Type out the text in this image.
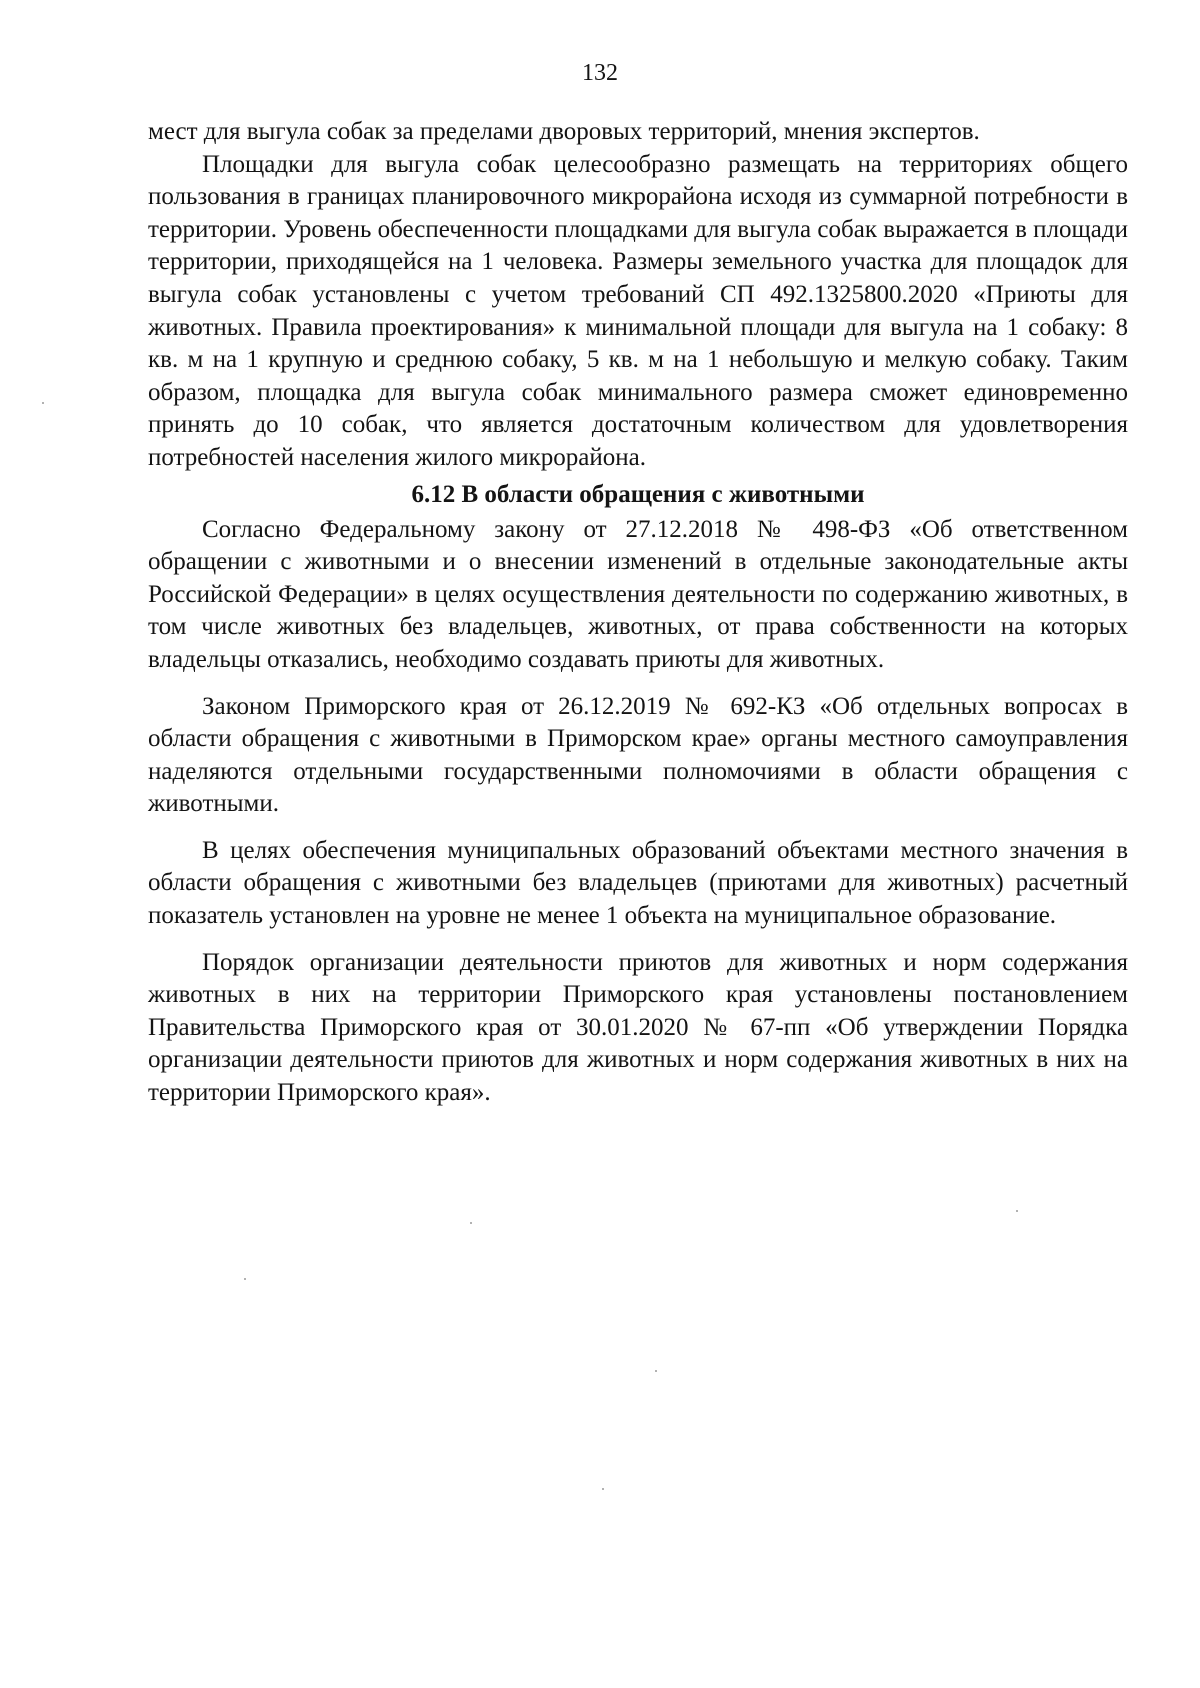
132

мест для выгула собак за пределами дворовых территорий, мнения экспертов.

Площадки для выгула собак целесообразно размещать на территориях общего пользования в границах планировочного микрорайона исходя из суммарной потребности в территории. Уровень обеспеченности площадками для выгула собак выражается в площади территории, приходящейся на 1 человека. Размеры земельного участка для площадок для выгула собак установлены с учетом требований СП 492.1325800.2020 «Приюты для животных. Правила проектирования» к минимальной площади для выгула на 1 собаку: 8 кв. м на 1 крупную и среднюю собаку, 5 кв. м на 1 небольшую и мелкую собаку. Таким образом, площадка для выгула собак минимального размера сможет единовременно принять до 10 собак, что является достаточным количеством для удовлетворения потребностей населения жилого микрорайона.

6.12 В области обращения с животными

Согласно Федеральному закону от 27.12.2018 № 498-ФЗ «Об ответственном обращении с животными и о внесении изменений в отдельные законодательные акты Российской Федерации» в целях осуществления деятельности по содержанию животных, в том числе животных без владельцев, животных, от права собственности на которых владельцы отказались, необходимо создавать приюты для животных.

Законом Приморского края от 26.12.2019 № 692-КЗ «Об отдельных вопросах в области обращения с животными в Приморском крае» органы местного самоуправления наделяются отдельными государственными полномочиями в области обращения с животными.

В целях обеспечения муниципальных образований объектами местного значения в области обращения с животными без владельцев (приютами для животных) расчетный показатель установлен на уровне не менее 1 объекта на муниципальное образование.

Порядок организации деятельности приютов для животных и норм содержания животных в них на территории Приморского края установлены постановлением Правительства Приморского края от 30.01.2020 № 67-пп «Об утверждении Порядка организации деятельности приютов для животных и норм содержания животных в них на территории Приморского края».
